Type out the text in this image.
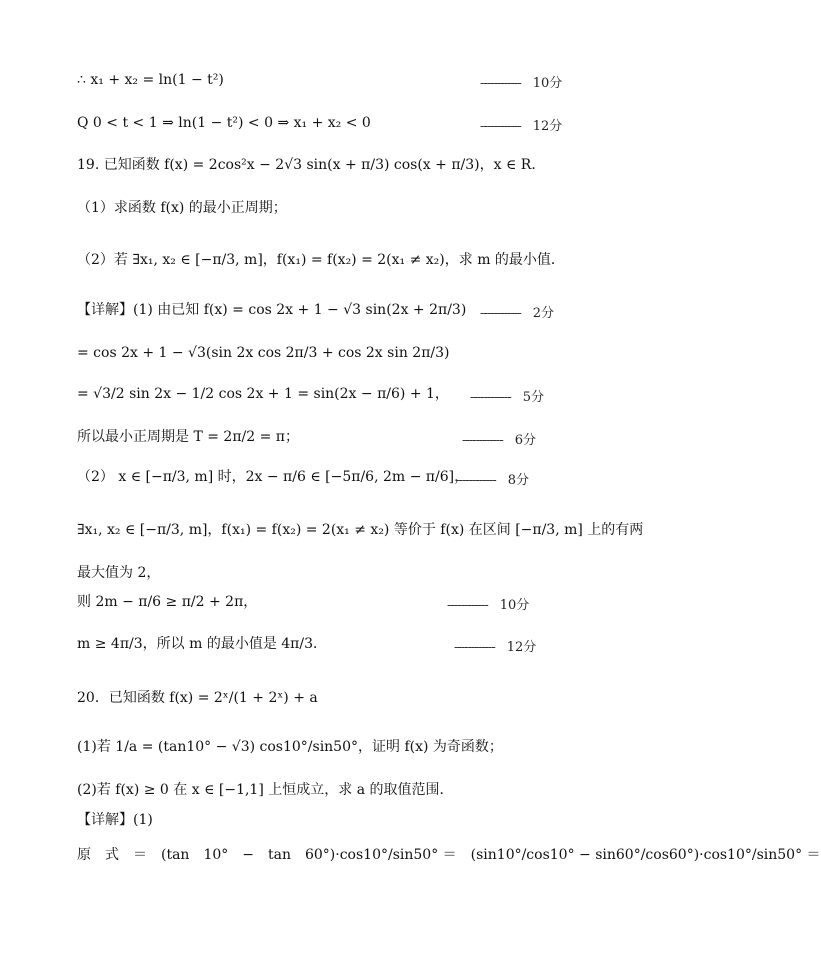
∴ x₁ + x₂ = ln(1 − t²)	------------ 10分
Q 0 < t < 1 ⇒ ln(1 − t²) < 0 ⇒ x₁ + x₂ < 0	------------ 12分
19. 已知函数 f(x) = 2cos²x − 2√3 sin(x + π/3) cos(x + π/3)，x ∈ R．
（1）求函数 f(x) 的最小正周期；
（2）若 ∃x₁, x₂ ∈ [−π/3, m]，f(x₁) = f(x₂) = 2(x₁ ≠ x₂)，求 m 的最小值．
【详解】(1) 由已知 f(x) = cos 2x + 1 − √3 sin(2x + 2π/3) ------------ 2分
= cos 2x + 1 − √3(sin 2x cos 2π/3 + cos 2x sin 2π/3)
= √3/2 sin 2x − 1/2 cos 2x + 1 = sin(2x − π/6) + 1， ------------ 5分
所以最小正周期是 T = 2π/2 = π；	------------ 6分
（2） x ∈ [−π/3, m] 时，2x − π/6 ∈ [−5π/6, 2m − π/6]，
------------ 8分
∃x₁, x₂ ∈ [−π/3, m]，f(x₁) = f(x₂) = 2(x₁ ≠ x₂) 等价于 f(x) 在区间 [−π/3, m] 上的有两
最大值为 2，
则 2m − π/6 ≥ π/2 + 2π，	------------ 10分
m ≥ 4π/3，所以 m 的最小值是 4π/3．	------------ 12分
20．已知函数 f(x) = 2ˣ/(1 + 2ˣ) + a
(1)若 1/a = (tan10° − √3) cos10°/sin50°，证明 f(x) 为奇函数；
(2)若 f(x) ≥ 0 在 x ∈ [−1,1] 上恒成立，求 a 的取值范围．
【详解】(1)
原　式　＝　(tan　10°　−　tan　60°)·cos10°/sin50° ＝　(sin10°/cos10° − sin60°/cos60°)·cos10°/sin50° ＝
